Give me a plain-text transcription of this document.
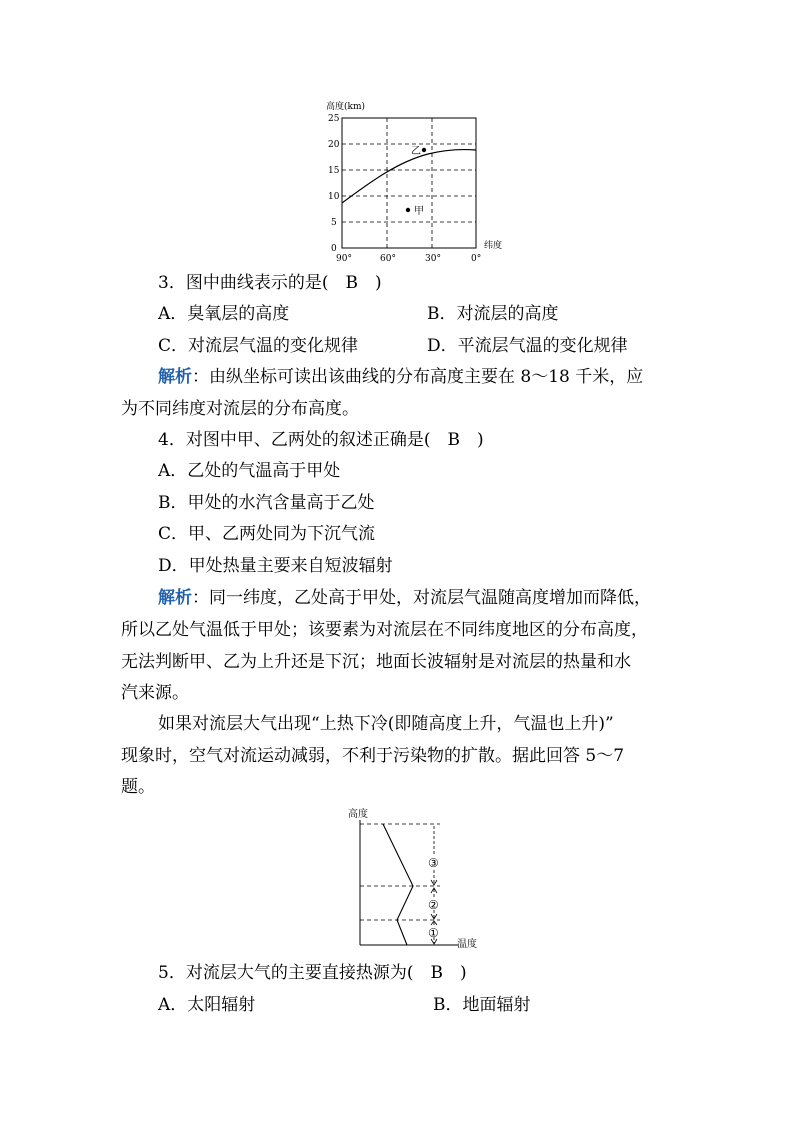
高度(km)
25
20
15
10
5
0
90°	60°	30°	0°
纬度
乙
甲
3．图中曲线表示的是(　B　)
A．臭氧层的高度	B．对流层的高度
C．对流层气温的变化规律	D．平流层气温的变化规律
解析：由纵坐标可读出该曲线的分布高度主要在 8～18 千米，应
为不同纬度对流层的分布高度。
4．对图中甲、乙两处的叙述正确是(　B　)
A．乙处的气温高于甲处
B．甲处的水汽含量高于乙处
C．甲、乙两处同为下沉气流
D．甲处热量主要来自短波辐射
解析：同一纬度，乙处高于甲处，对流层气温随高度增加而降低，
所以乙处气温低于甲处；该要素为对流层在不同纬度地区的分布高度，
无法判断甲、乙为上升还是下沉；地面长波辐射是对流层的热量和水
汽来源。
如果对流层大气出现“上热下冷(即随高度上升，气温也上升)”
现象时，空气对流运动减弱，不利于污染物的扩散。据此回答 5～7
题。
高度
温度
③
②
①
5．对流层大气的主要直接热源为(　B　)
A．太阳辐射	B．地面辐射
